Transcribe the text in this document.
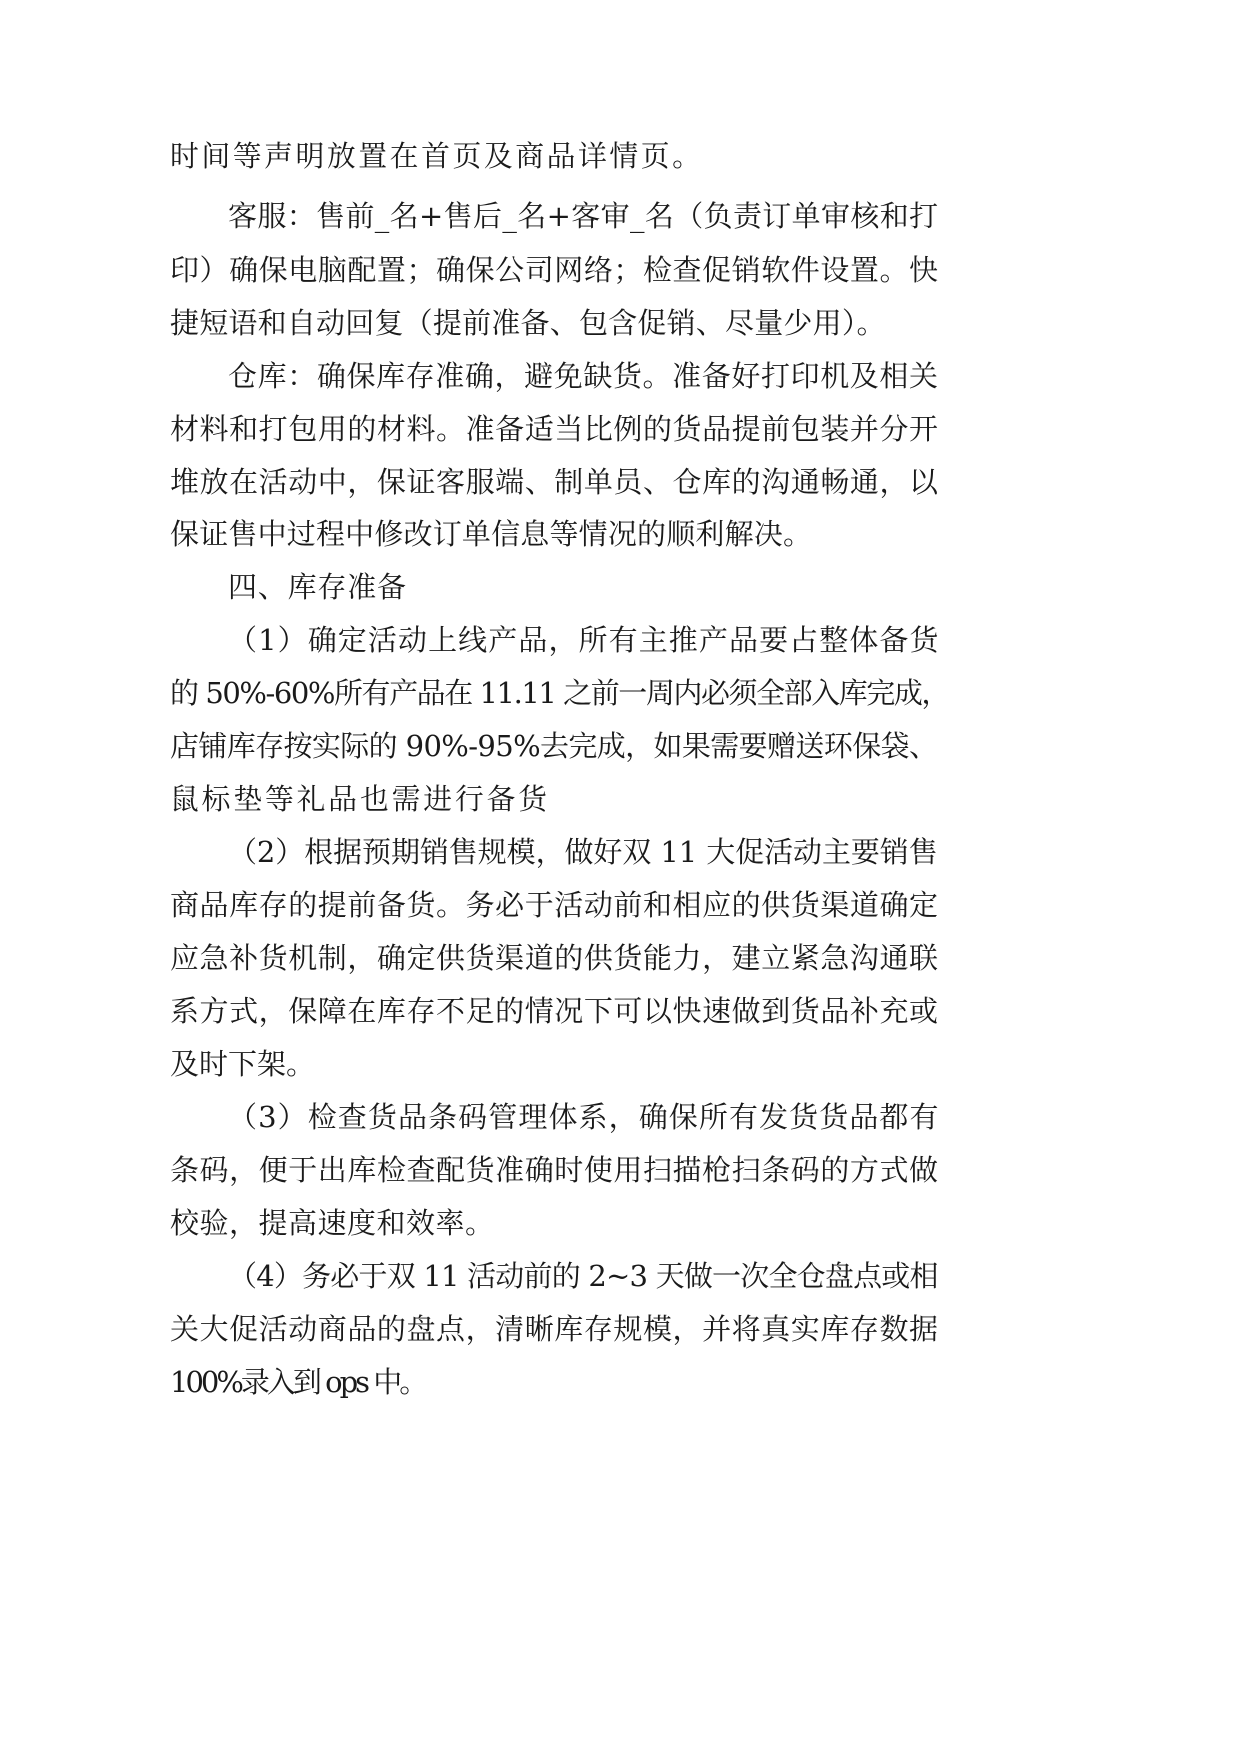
时间等声明放置在首页及商品详情页。
客服：售前_名+售后_名+客审_名（负责订单审核和打
印）确保电脑配置；确保公司网络；检查促销软件设置。快
捷短语和自动回复（提前准备、包含促销、尽量少用）。
仓库：确保库存准确，避免缺货。准备好打印机及相关
材料和打包用的材料。准备适当比例的货品提前包装并分开
堆放在活动中，保证客服端、制单员、仓库的沟通畅通，以
保证售中过程中修改订单信息等情况的顺利解决。
四、库存准备
（1）确定活动上线产品，所有主推产品要占整体备货
的 50%-60%所有产品在 11.11 之前一周内必须全部入库完成，
店铺库存按实际的 90%-95%去完成，如果需要赠送环保袋、
鼠标垫等礼品也需进行备货
（2）根据预期销售规模，做好双 11 大促活动主要销售
商品库存的提前备货。务必于活动前和相应的供货渠道确定
应急补货机制，确定供货渠道的供货能力，建立紧急沟通联
系方式，保障在库存不足的情况下可以快速做到货品补充或
及时下架。
（3）检查货品条码管理体系，确保所有发货货品都有
条码，便于出库检查配货准确时使用扫描枪扫条码的方式做
校验，提高速度和效率。
（4）务必于双 11 活动前的 2~3 天做一次全仓盘点或相
关大促活动商品的盘点，清晰库存规模，并将真实库存数据
100%录入到 ops 中。
